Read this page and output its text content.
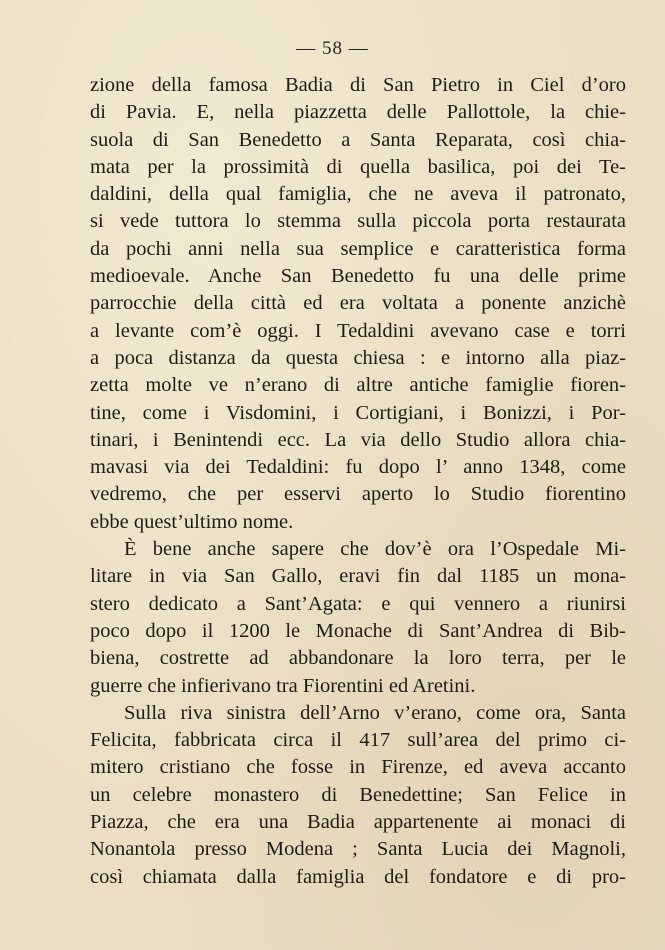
— 58 —
zione della famosa Badia di San Pietro in Ciel d’oro
di Pavia. E, nella piazzetta delle Pallottole, la chie-
suola di San Benedetto a Santa Reparata, così chia-
mata per la prossimità di quella basilica, poi dei Te-
daldini, della qual famiglia, che ne aveva il patronato,
si vede tuttora lo stemma sulla piccola porta restaurata
da pochi anni nella sua semplice e caratteristica forma
medioevale. Anche San Benedetto fu una delle prime
parrocchie della città ed era voltata a ponente anzichè
a levante com’è oggi. I Tedaldini avevano case e torri
a poca distanza da questa chiesa : e intorno alla piaz-
zetta molte ve n’erano di altre antiche famiglie fioren-
tine, come i Visdomini, i Cortigiani, i Bonizzi, i Por-
tinari, i Benintendi ecc. La via dello Studio allora chia-
mavasi via dei Tedaldini: fu dopo l’ anno 1348, come
vedremo, che per esservi aperto lo Studio fiorentino
ebbe quest’ultimo nome.
È bene anche sapere che dov’è ora l’Ospedale Mi-
litare in via San Gallo, eravi fin dal 1185 un mona-
stero dedicato a Sant’Agata: e qui vennero a riunirsi
poco dopo il 1200 le Monache di Sant’Andrea di Bib-
biena, costrette ad abbandonare la loro terra, per le
guerre che infierivano tra Fiorentini ed Aretini.
Sulla riva sinistra dell’Arno v’erano, come ora, Santa
Felicita, fabbricata circa il 417 sull’area del primo ci-
mitero cristiano che fosse in Firenze, ed aveva accanto
un celebre monastero di Benedettine; San Felice in
Piazza, che era una Badia appartenente ai monaci di
Nonantola presso Modena ; Santa Lucia dei Magnoli,
così chiamata dalla famiglia del fondatore e di pro-
